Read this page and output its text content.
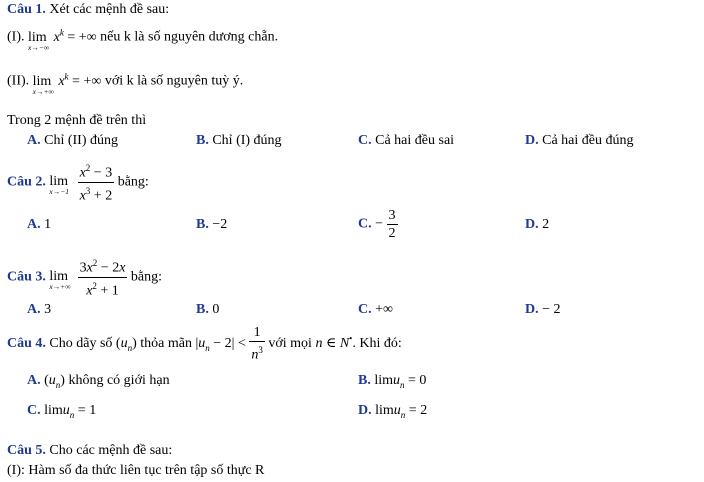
Câu 1. Xét các mệnh đề sau:
(I). lim
x→−∞
$x^k$ = +∞ nếu k là số nguyên dương chẵn.
(II). lim
x→+∞
$x^k$ = +∞ với k là số nguyên tuỳ ý.
Trong 2 mệnh đề trên thì
A. Chỉ (II) đúng	B. Chỉ (I) đúng	C. Cả hai đều sai	D. Cả hai đều đúng
Câu 2. lim
x→−1
$\frac{x^2 - 3}{x^3 + 2}$ bằng:
A. 1	B. −2	C. − $\frac{3}{2}$	D. 2
Câu 3. lim
x→+∞
$\frac{3x^2 - 2x}{x^2 + 1}$ bằng:
A. 3	B. 0	C. +∞	D. − 2
Câu 4. Cho dãy số $(u_n)$ thỏa mãn $|u_n - 2| < \frac{1}{n^3}$ với mọi n ∈ N•. Khi đó:
A. $(u_n)$ không có giới hạn	B. limu$_n$ = 0
C. limu$_n$ = 1	D. limu$_n$ = 2
Câu 5. Cho các mệnh đề sau:
(I): Hàm số đa thức liên tục trên tập số thực R
